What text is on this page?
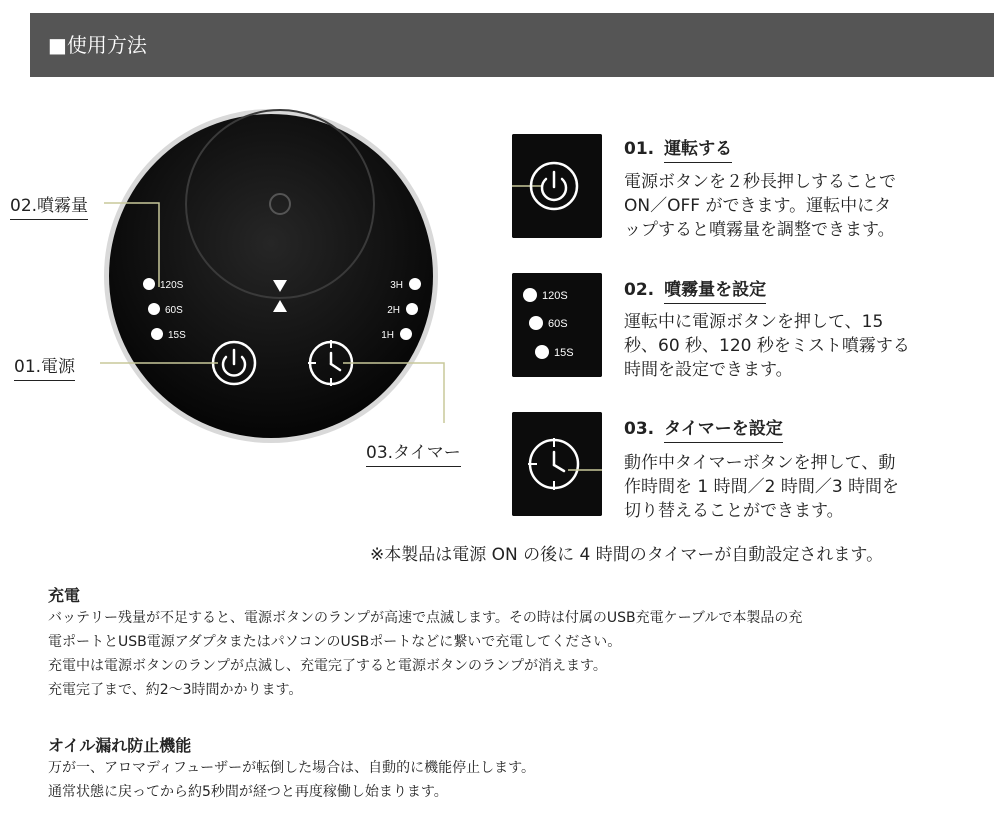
■使用方法
120S
60S
15S
3H
2H
1H
02.噴霧量
01.電源
03.タイマー
120S
60S
15S
01. 運転する
02. 噴霧量を設定
03. タイマーを設定
電源ボタンを２秒長押しすることで
ON／OFF ができます。運転中にタ
ップすると噴霧量を調整できます。
運転中に電源ボタンを押して、15
秒、60 秒、120 秒をミスト噴霧する
時間を設定できます。
動作中タイマーボタンを押して、動
作時間を 1 時間／2 時間／3 時間を
切り替えることができます。
※本製品は電源 ON の後に 4 時間のタイマーが自動設定されます。
充電
バッテリー残量が不足すると、電源ボタンのランプが高速で点滅します。その時は付属のUSB充電ケーブルで本製品の充
電ポートとUSB電源アダプタまたはパソコンのUSBポートなどに繋いで充電してください。
充電中は電源ボタンのランプが点滅し、充電完了すると電源ボタンのランプが消えます。
充電完了まで、約2～3時間かかります。
オイル漏れ防止機能
万が一、アロマディフューザーが転倒した場合は、自動的に機能停止します。
通常状態に戻ってから約5秒間が経つと再度稼働し始まります。
